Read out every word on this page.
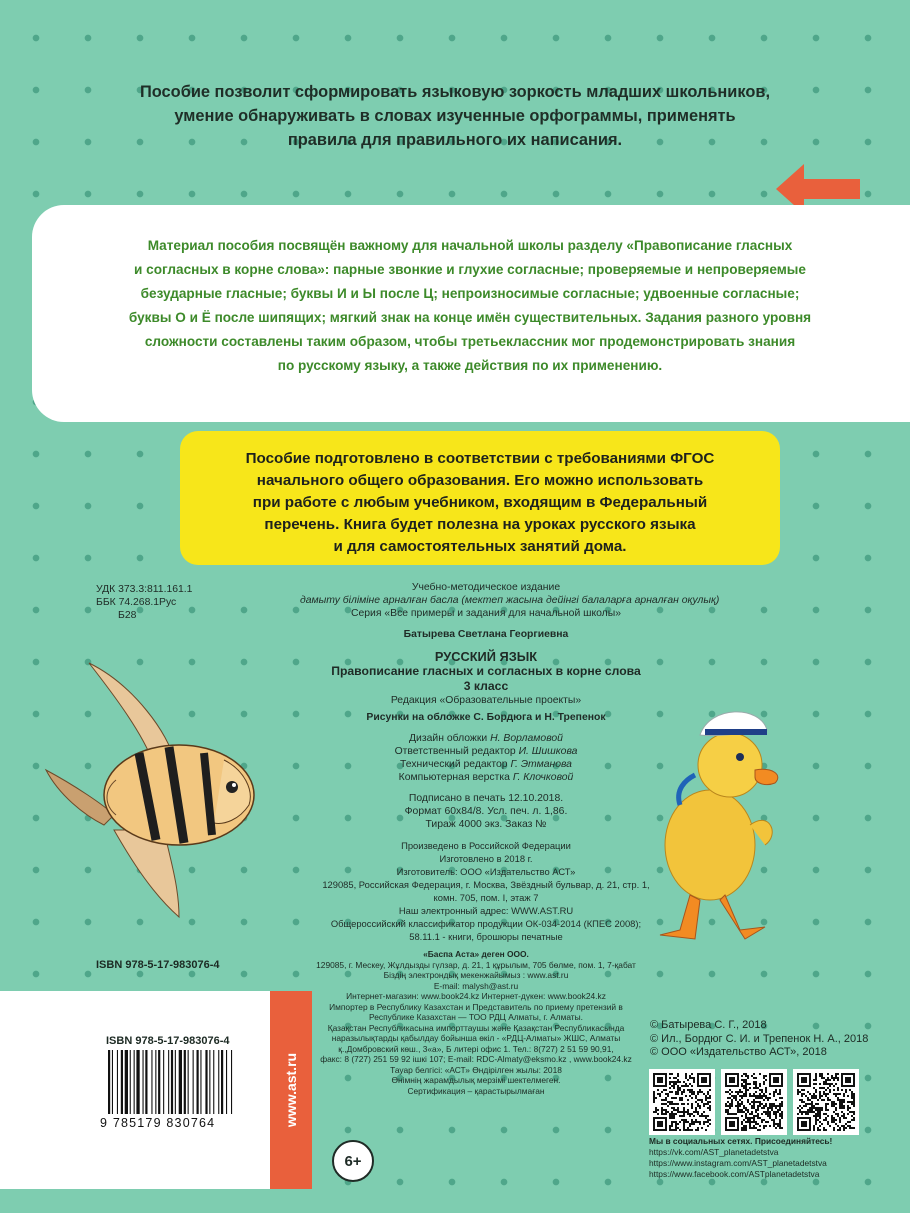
Пособие позволит сформировать языковую зоркость младших школьников,
умение обнаруживать в словах изученные орфограммы, применять
правила для правильного их написания.
Материал пособия посвящён важному для начальной школы разделу «Правописание гласных
и согласных в корне слова»: парные звонкие и глухие согласные; проверяемые и непроверяемые
безударные гласные; буквы И и Ы после Ц; непроизносимые согласные; удвоенные согласные;
буквы О и Ё после шипящих; мягкий знак на конце имён существительных. Задания разного уровня
сложности составлены таким образом, чтобы третьеклассник мог продемонстрировать знания
по русскому языку, а также действия по их применению.
Пособие подготовлено в соответствии с требованиями ФГОС
начального общего образования. Его можно использовать
при работе с любым учебником, входящим в Федеральный
перечень. Книга будет полезна на уроках русского языка
и для самостоятельных занятий дома.
УДК 373.3:811.161.1
ББК 74.268.1Рус
Б28
Учебно-методическое издание
дамыту біліміне арналған басла (мектеп жасына дейінгі балаларға арналған оқулық)
Серия «Все примеры и задания для начальной школы»
Батырева Светлана Георгиевна
РУССКИЙ ЯЗЫК
Правописание гласных и согласных в корне слова
3 класс
Редакция «Образовательные проекты»
Рисунки на обложке С. Бордюга и Н. Трепенок
Дизайн обложки Н. Ворламовой
Ответственный редактор И. Шишкова
Технический редактор Г. Этманова
Компьютерная верстка Г. Клочковой
Подписано в печать 12.10.2018.
Формат 60x84/8. Усл. печ. л. 1,86.
Тираж 4000 экз. Заказ №
Произведено в Российской Федерации
Изготовлено в 2018 г.
Изготовитель: ООО «Издательство АСТ»
129085, Российская Федерация, г. Москва, Звёздный бульвар, д. 21, стр. 1,
комн. 705, пом. I, этаж 7
Наш электронный адрес: WWW.AST.RU
Общероссийский классификатор продукции ОК-034-2014 (КПЕС 2008);
58.11.1 - книги, брошюры печатные
ISBN 978-5-17-983076-4
«Баспа Аста» деген ООО.
129085, г. Мескеу, Жұлдызды гүлзар, д. 21, 1 құрылым, 705 бөлме, пом. 1, 7-қабат
Біздің электрондық мекенжайымыз : www.ast.ru
E-mail: malysh@ast.ru
Интернет-магазин: www.book24.kz Интернет-дүкен: www.book24.kz
Импортер в Республику Казахстан и Представитель по приему претензий в
Республике Казахстан — ТОО РДЦ Алматы, г. Алматы.
Қазақстан Республикасына импорттаушы және Қазақстан Республикасында
наразылықтарды қабылдау бойынша өкіл - «РДЦ-Алматы» ЖШС, Алматы
қ.,Домбровский көш., 3«а», Б литері офис 1. Тел.: 8(727) 2 51 59 90,91,
факс: 8 (727) 251 59 92 ішкі 107; E-mail: RDC-Almaty@eksmo.kz , www.book24.kz
Тауар белгісі: «АСТ» Өндірілген жылы: 2018
Өнімнің жарамдылық мерзімі шектелмеген.
Сертификация – қарастырылмаған
ISBN 978-5-17-983076-4
9 785179 830764	www.ast.ru
6+
© Батырева С. Г., 2018
© Ил., Бордюг С. И. и Трепенок Н. А., 2018
© ООО «Издательство АСТ», 2018
Мы в социальных сетях. Присоединяйтесь!
https://vk.com/AST_planetadetstva
https://www.instagram.com/AST_planetadetstva
https://www.facebook.com/ASTplanetadetstva
